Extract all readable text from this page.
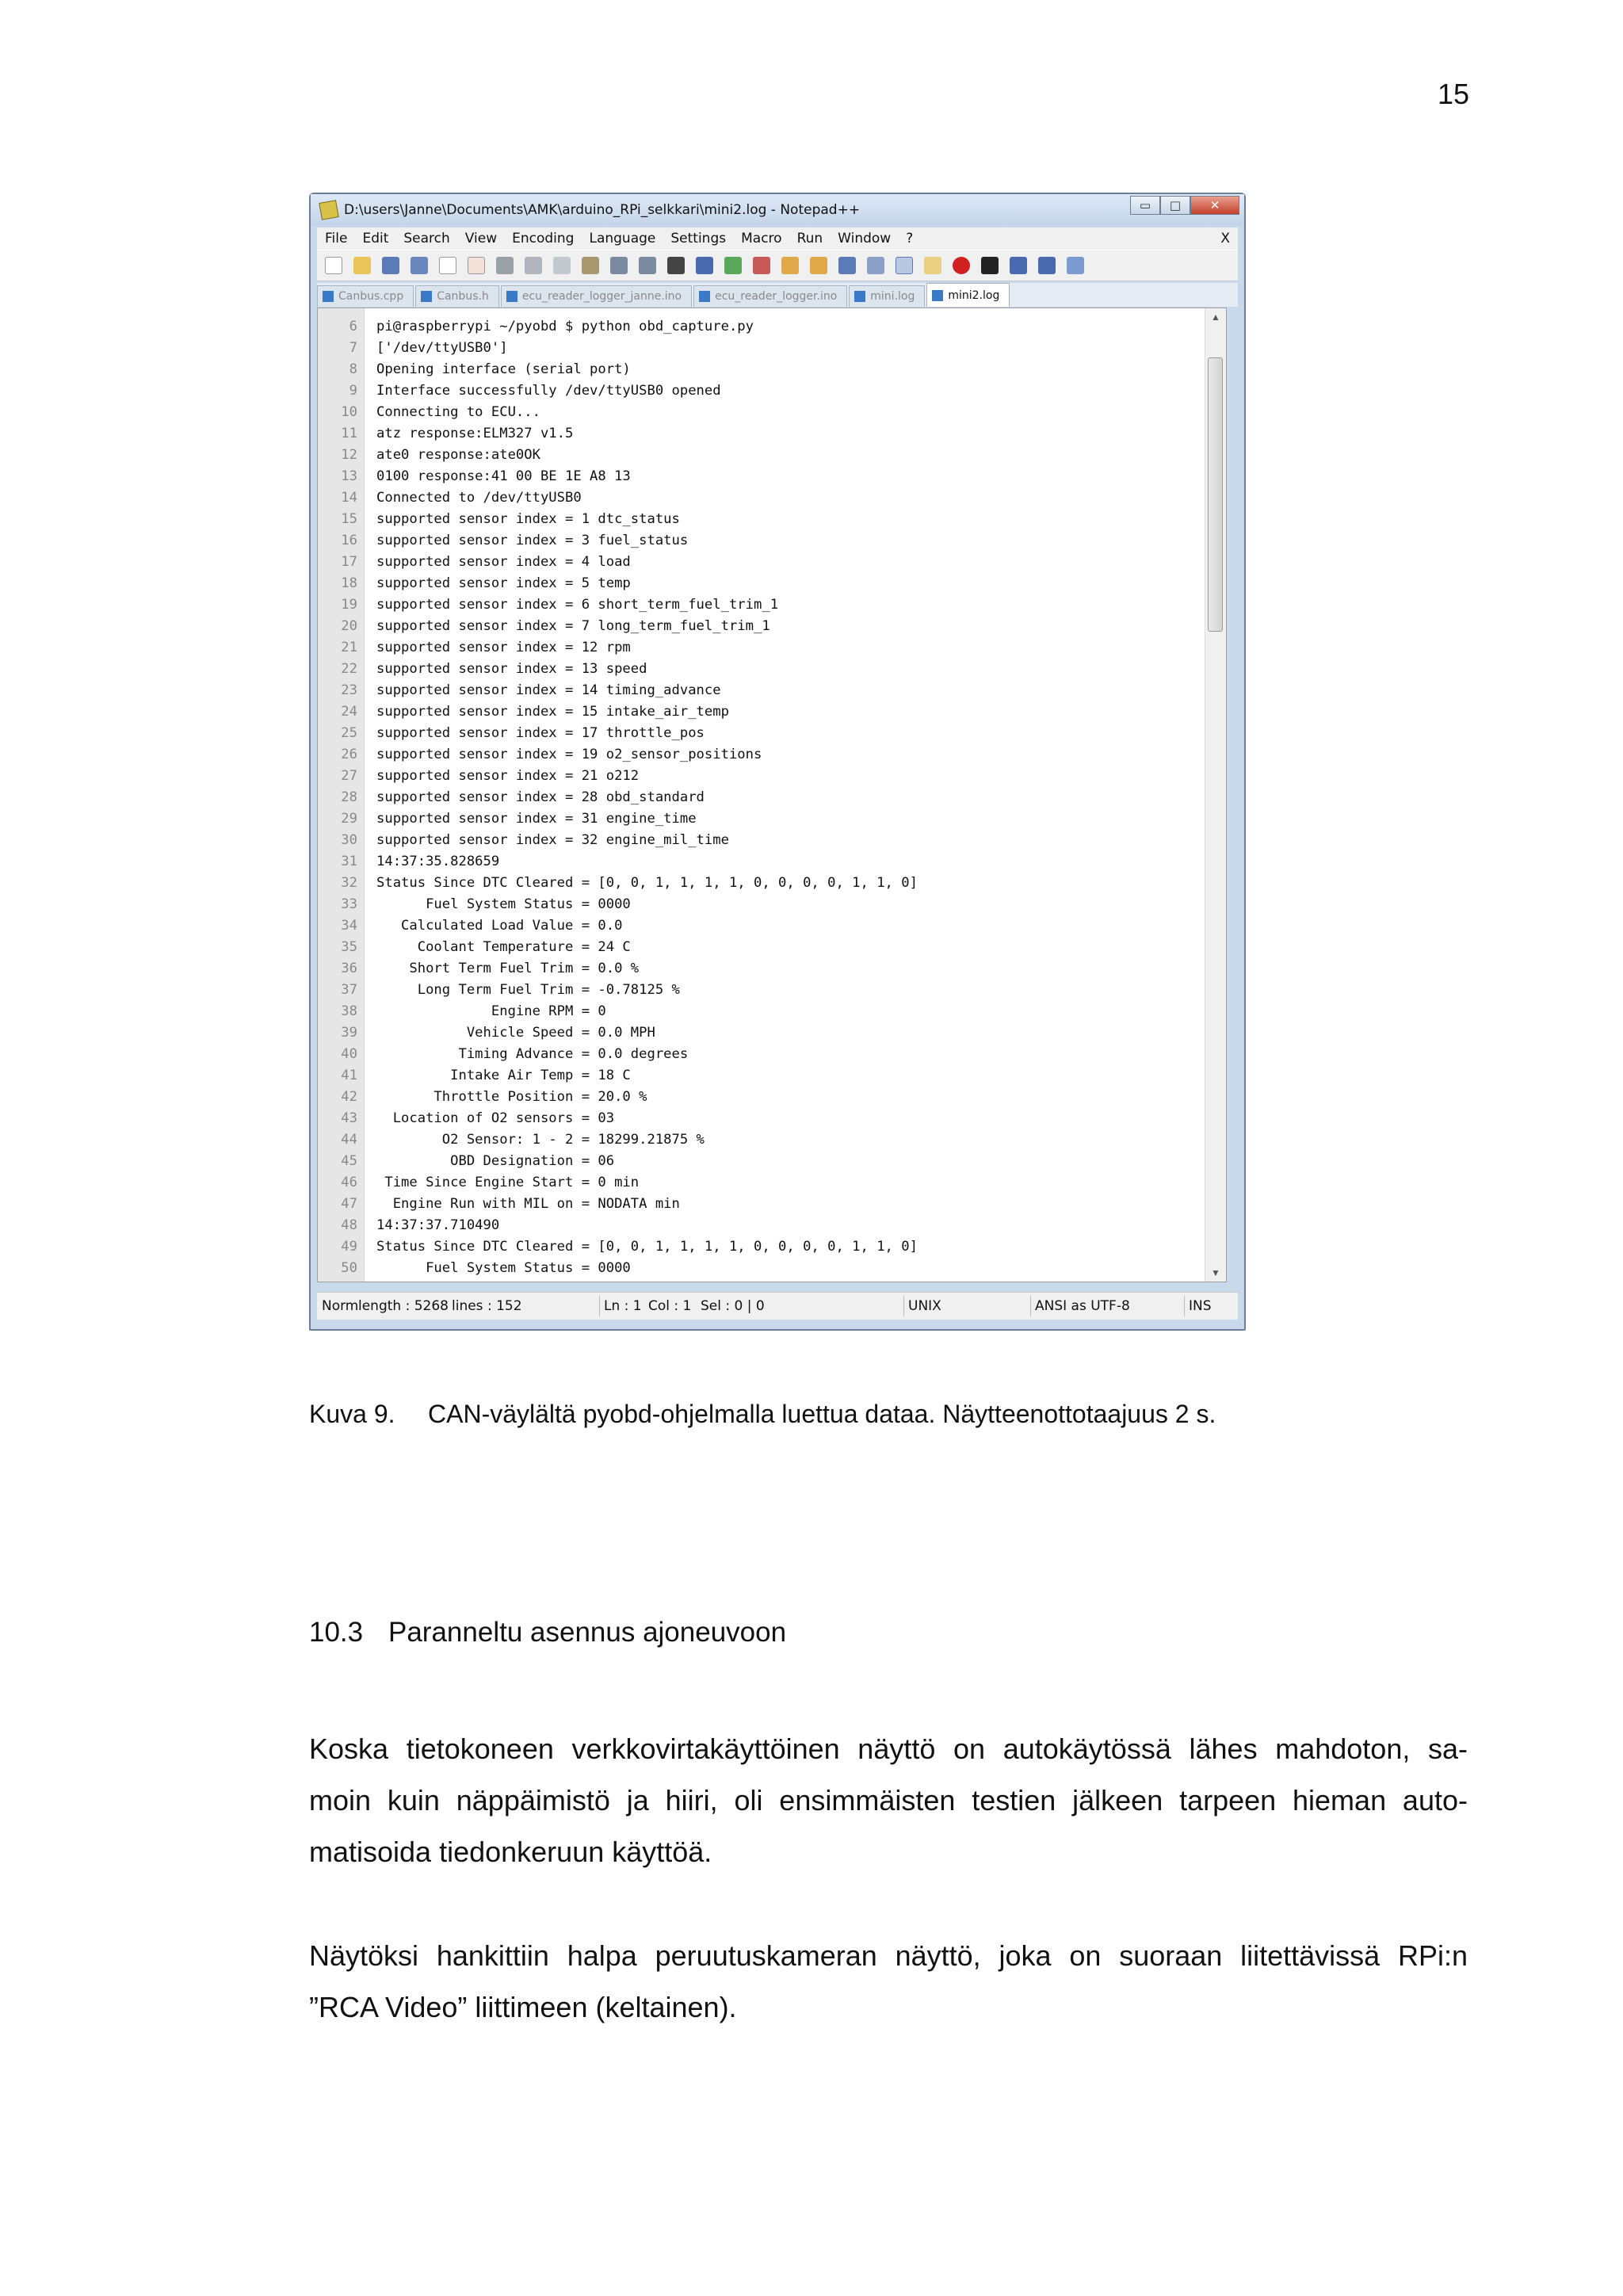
15
D:\users\Janne\Documents\AMK\arduino_RPi_selkkari\mini2.log - Notepad++	▭	□	✕
File Edit Search View Encoding Language Settings Macro Run Window ?	X
Canbus.cpp	Canbus.h	ecu_reader_logger_janne.ino	ecu_reader_logger.ino	mini.log	mini2.log
6 pi@raspberrypi ~/pyobd $ python obd_capture.py
7 ['/dev/ttyUSB0']
8 Opening interface (serial port)
9 Interface successfully /dev/ttyUSB0 opened
10 Connecting to ECU...
11 atz response:ELM327 v1.5
12 ate0 response:ate0OK
13 0100 response:41 00 BE 1E A8 13
14 Connected to /dev/ttyUSB0
15 supported sensor index = 1 dtc_status
16 supported sensor index = 3 fuel_status
17 supported sensor index = 4 load
18 supported sensor index = 5 temp
19 supported sensor index = 6 short_term_fuel_trim_1
20 supported sensor index = 7 long_term_fuel_trim_1
21 supported sensor index = 12 rpm
22 supported sensor index = 13 speed
23 supported sensor index = 14 timing_advance
24 supported sensor index = 15 intake_air_temp
25 supported sensor index = 17 throttle_pos
26 supported sensor index = 19 o2_sensor_positions
27 supported sensor index = 21 o212
28 supported sensor index = 28 obd_standard
29 supported sensor index = 31 engine_time
30 supported sensor index = 32 engine_mil_time
31 14:37:35.828659
32 Status Since DTC Cleared = [0, 0, 1, 1, 1, 1, 0, 0, 0, 0, 1, 1, 0]
33 Fuel System Status = 0000
34 Calculated Load Value = 0.0
35 Coolant Temperature = 24 C
36 Short Term Fuel Trim = 0.0 %
37 Long Term Fuel Trim = -0.78125 %
38 Engine RPM = 0
39 Vehicle Speed = 0.0 MPH
40 Timing Advance = 0.0 degrees
41 Intake Air Temp = 18 C
42 Throttle Position = 20.0 %
43 Location of O2 sensors = 03
44 O2 Sensor: 1 - 2 = 18299.21875 %
45 OBD Designation = 06
46 Time Since Engine Start = 0 min
47 Engine Run with MIL on = NODATA min
48 14:37:37.710490
49 Status Since DTC Cleared = [0, 0, 1, 1, 1, 1, 0, 0, 0, 0, 1, 1, 0]
50 Fuel System Status = 0000
▲
▼
Norm length : 5268 lines : 152	Ln : 1 Col : 1 Sel : 0 | 0	UNIX	ANSI as UTF-8	INS
Kuva 9. CAN-väylältä pyobd-ohjelmalla luettua dataa. Näytteenottotaajuus 2 s.
10.3 Paranneltu asennus ajoneuvoon
Koska tietokoneen verkkovirtakäyttöinen näyttö on autokäytössä lähes mahdoton, sa-
moin kuin näppäimistö ja hiiri, oli ensimmäisten testien jälkeen tarpeen hieman auto-
matisoida tiedonkeruun käyttöä.
Näytöksi hankittiin halpa peruutuskameran näyttö, joka on suoraan liitettävissä RPi:n
”RCA Video” liittimeen (keltainen).
